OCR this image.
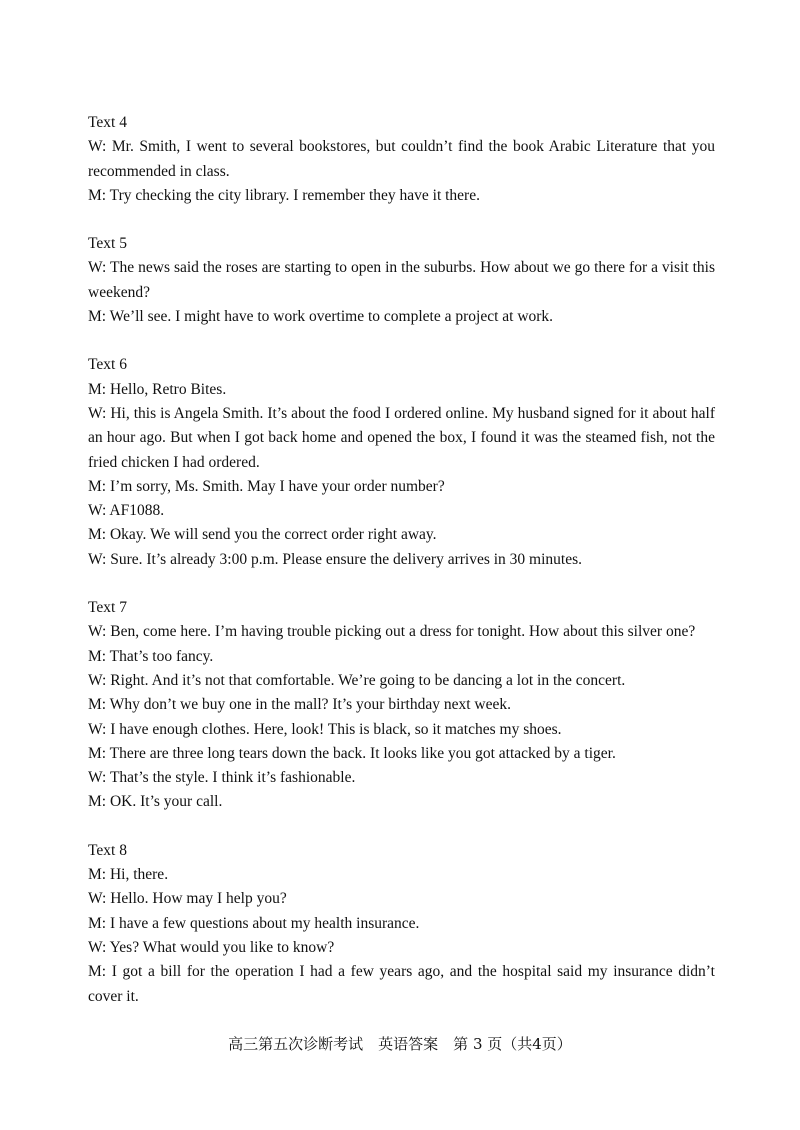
Text 4

W: Mr. Smith, I went to several bookstores, but couldn’t find the book Arabic Literature that you recommended in class.

M: Try checking the city library. I remember they have it there.

Text 5

W: The news said the roses are starting to open in the suburbs. How about we go there for a visit this weekend?

M: We’ll see. I might have to work overtime to complete a project at work.

Text 6

M: Hello, Retro Bites.

W: Hi, this is Angela Smith. It’s about the food I ordered online. My husband signed for it about half an hour ago. But when I got back home and opened the box, I found it was the steamed fish, not the fried chicken I had ordered.

M: I’m sorry, Ms. Smith. May I have your order number?

W: AF1088.

M: Okay. We will send you the correct order right away.

W: Sure. It’s already 3:00 p.m. Please ensure the delivery arrives in 30 minutes.

Text 7

W: Ben, come here. I’m having trouble picking out a dress for tonight. How about this silver one?

M: That’s too fancy.

W: Right. And it’s not that comfortable. We’re going to be dancing a lot in the concert.

M: Why don’t we buy one in the mall? It’s your birthday next week.

W: I have enough clothes. Here, look! This is black, so it matches my shoes.

M: There are three long tears down the back. It looks like you got attacked by a tiger.

W: That’s the style. I think it’s fashionable.

M: OK. It’s your call.

Text 8

M: Hi, there.

W: Hello. How may I help you?

M: I have a few questions about my health insurance.

W: Yes? What would you like to know?

M: I got a bill for the operation I had a few years ago, and the hospital said my insurance didn’t cover it.

高三第五次诊断考试　英语答案　第 3 页（共4页）
